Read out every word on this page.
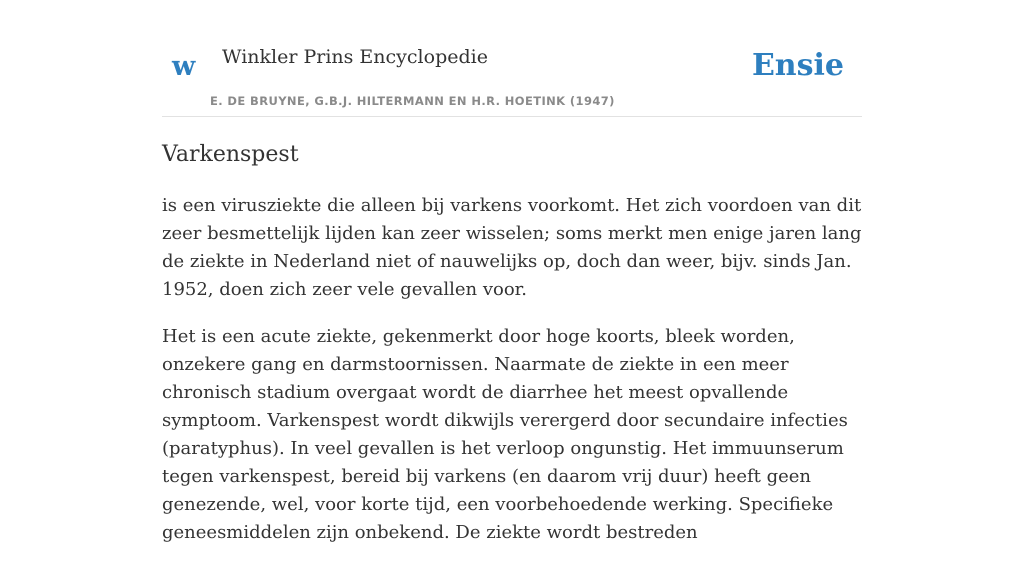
w Winkler Prins Encyclopedie
E. DE BRUYNE, G.B.J. HILTERMANN EN H.R. HOETINK (1947)
Ensie
Varkenspest

is een virusziekte die alleen bij varkens voorkomt. Het zich voordoen van dit zeer besmettelijk lijden kan zeer wisselen; soms merkt men enige jaren lang de ziekte in Nederland niet of nauwelijks op, doch dan weer, bijv. sinds Jan. 1952, doen zich zeer vele gevallen voor.

Het is een acute ziekte, gekenmerkt door hoge koorts, bleek worden, onzekere gang en darmstoornissen. Naarmate de ziekte in een meer chronisch stadium overgaat wordt de diarrhee het meest opvallende symptoom. Varkenspest wordt dikwijls verergerd door secundaire infecties (paratyphus). In veel gevallen is het verloop ongunstig. Het immuunserum tegen varkenspest, bereid bij varkens (en daarom vrij duur) heeft geen genezende, wel, voor korte tijd, een voorbehoedende werking. Specifieke geneesmiddelen zijn onbekend. De ziekte wordt bestreden
